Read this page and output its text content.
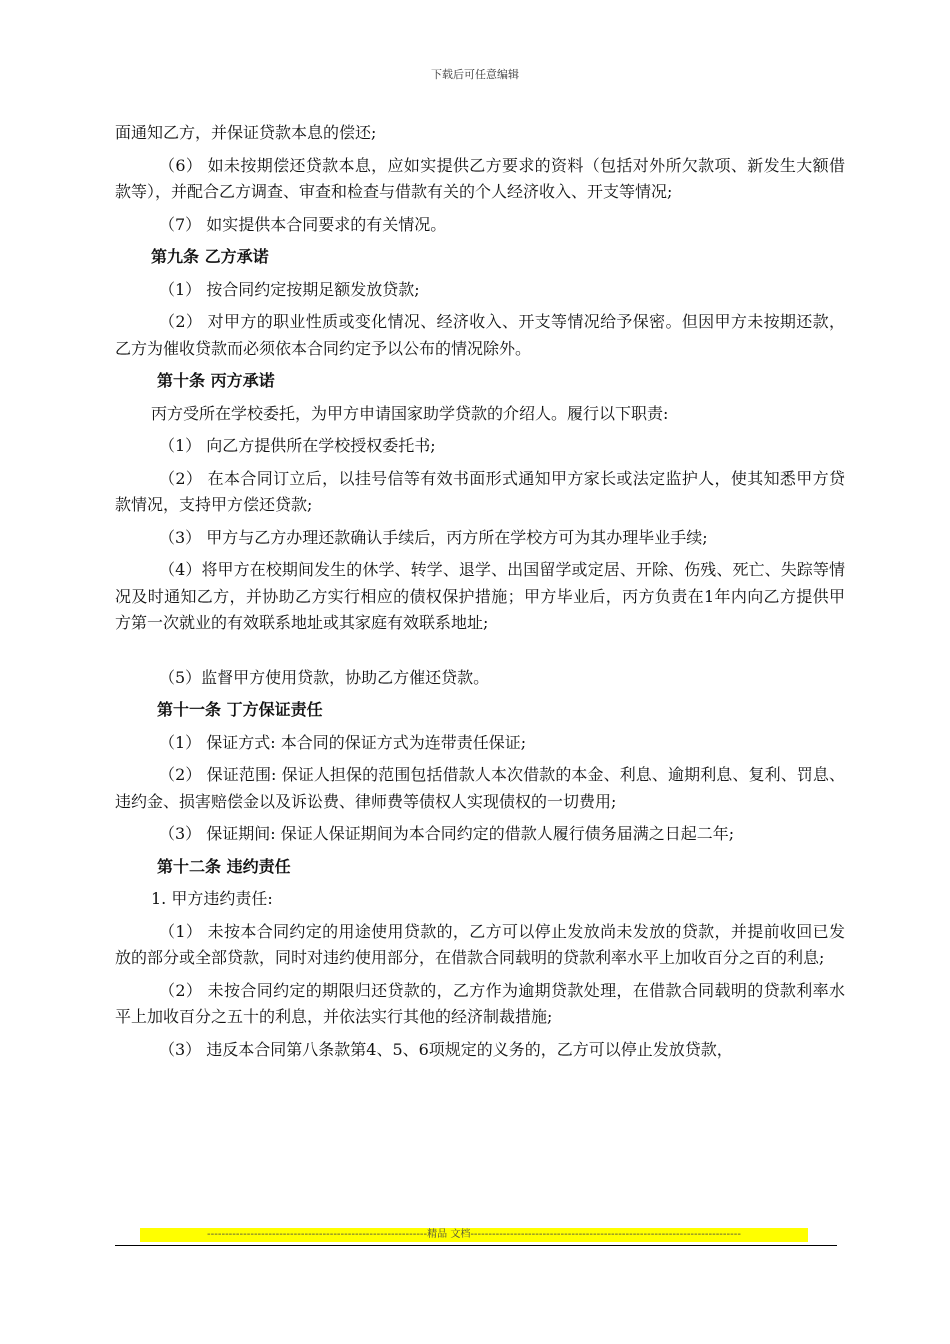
下载后可任意编辑

面通知乙方，并保证贷款本息的偿还;

（6） 如未按期偿还贷款本息，应如实提供乙方要求的资料（包括对外所欠款项、新发生大额借款等），并配合乙方调查、审查和检查与借款有关的个人经济收入、开支等情况;

（7） 如实提供本合同要求的有关情况。

第九条 乙方承诺

（1） 按合同约定按期足额发放贷款;

（2） 对甲方的职业性质或变化情况、经济收入、开支等情况给予保密。但因甲方未按期还款，乙方为催收贷款而必须依本合同约定予以公布的情况除外。

第十条 丙方承诺

丙方受所在学校委托，为甲方申请国家助学贷款的介绍人。履行以下职责:

（1） 向乙方提供所在学校授权委托书;

（2） 在本合同订立后，以挂号信等有效书面形式通知甲方家长或法定监护人，使其知悉甲方贷款情况，支持甲方偿还贷款;

（3） 甲方与乙方办理还款确认手续后，丙方所在学校方可为其办理毕业手续;

（4）将甲方在校期间发生的休学、转学、退学、出国留学或定居、开除、伤残、死亡、失踪等情况及时通知乙方，并协助乙方实行相应的债权保护措施；甲方毕业后，丙方负责在1年内向乙方提供甲方第一次就业的有效联系地址或其家庭有效联系地址;

（5）监督甲方使用贷款，协助乙方催还贷款。

第十一条 丁方保证责任

（1） 保证方式: 本合同的保证方式为连带责任保证;

（2） 保证范围: 保证人担保的范围包括借款人本次借款的本金、利息、逾期利息、复利、罚息、违约金、损害赔偿金以及诉讼费、律师费等债权人实现债权的一切费用;

（3） 保证期间: 保证人保证期间为本合同约定的借款人履行债务届满之日起二年;

第十二条 违约责任

1. 甲方违约责任:

（1） 未按本合同约定的用途使用贷款的，乙方可以停止发放尚未发放的贷款，并提前收回已发放的部分或全部贷款，同时对违约使用部分，在借款合同载明的贷款利率水平上加收百分之百的利息;

（2） 未按合同约定的期限归还贷款的，乙方作为逾期贷款处理，在借款合同载明的贷款利率水平上加收百分之五十的利息，并依法实行其他的经济制裁措施;

（3） 违反本合同第八条款第4、5、6项规定的义务的，乙方可以停止发放贷款，

-------------------------------------------------------------精品 文档---------------------------------------------------------------------------
